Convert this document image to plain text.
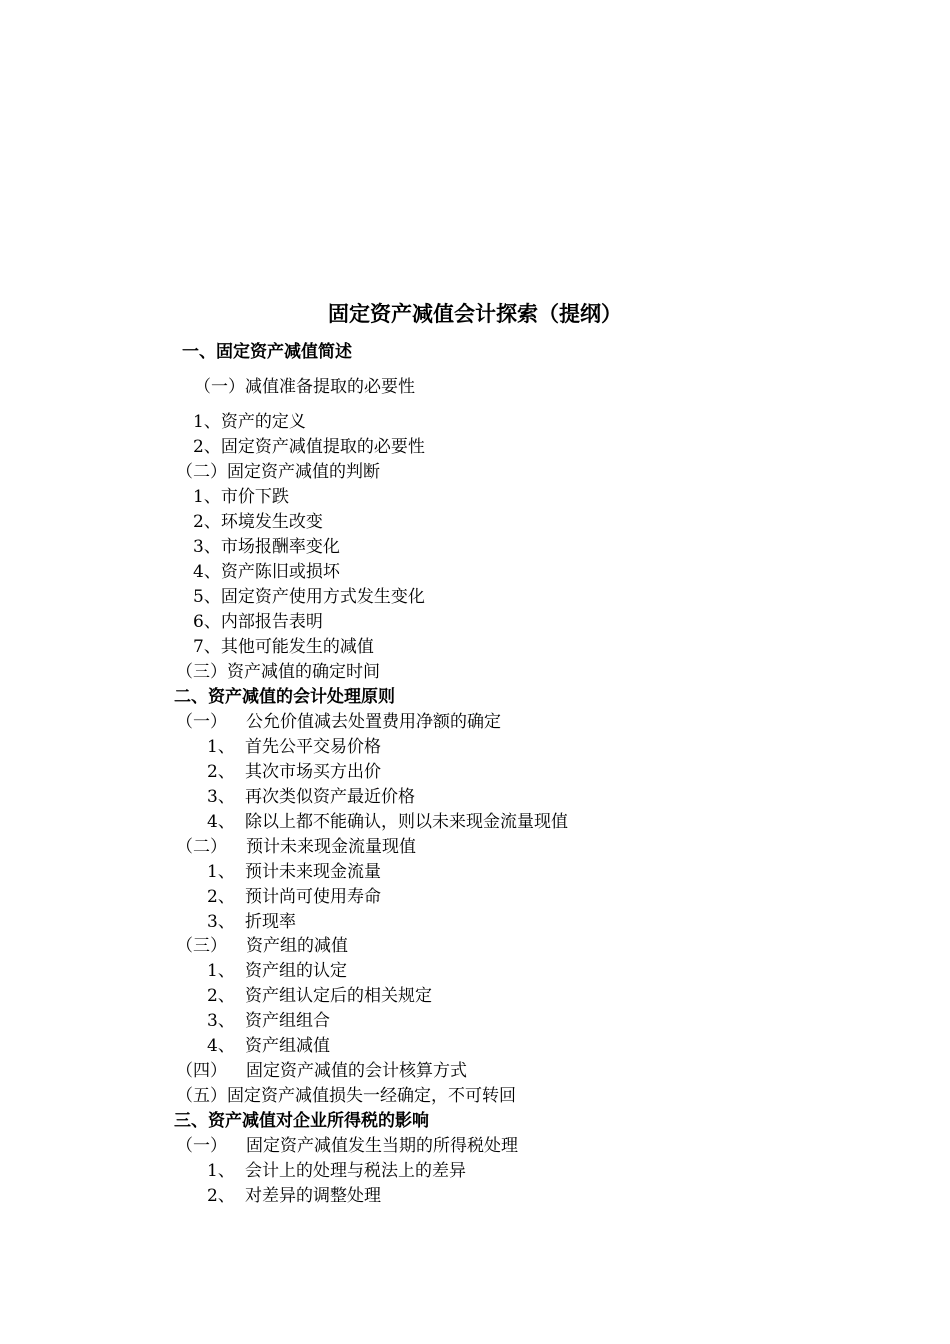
固定资产减值会计探索（提纲）
一、固定资产减值简述
（一）减值准备提取的必要性
1、资产的定义
2、固定资产减值提取的必要性
（二）固定资产减值的判断
1、市价下跌
2、环境发生改变
3、市场报酬率变化
4、资产陈旧或损坏
5、固定资产使用方式发生变化
6、内部报告表明
7、其他可能发生的减值
（三）资产减值的确定时间
二、资产减值的会计处理原则
（一） 公允价值减去处置费用净额的确定
1、 首先公平交易价格
2、 其次市场买方出价
3、 再次类似资产最近价格
4、 除以上都不能确认，则以未来现金流量现值
（二） 预计未来现金流量现值
1、 预计未来现金流量
2、 预计尚可使用寿命
3、 折现率
（三） 资产组的减值
1、 资产组的认定
2、 资产组认定后的相关规定
3、 资产组组合
4、 资产组减值
（四） 固定资产减值的会计核算方式
（五）固定资产减值损失一经确定，不可转回
三、资产减值对企业所得税的影响
（一） 固定资产减值发生当期的所得税处理
1、 会计上的处理与税法上的差异
2、 对差异的调整处理
